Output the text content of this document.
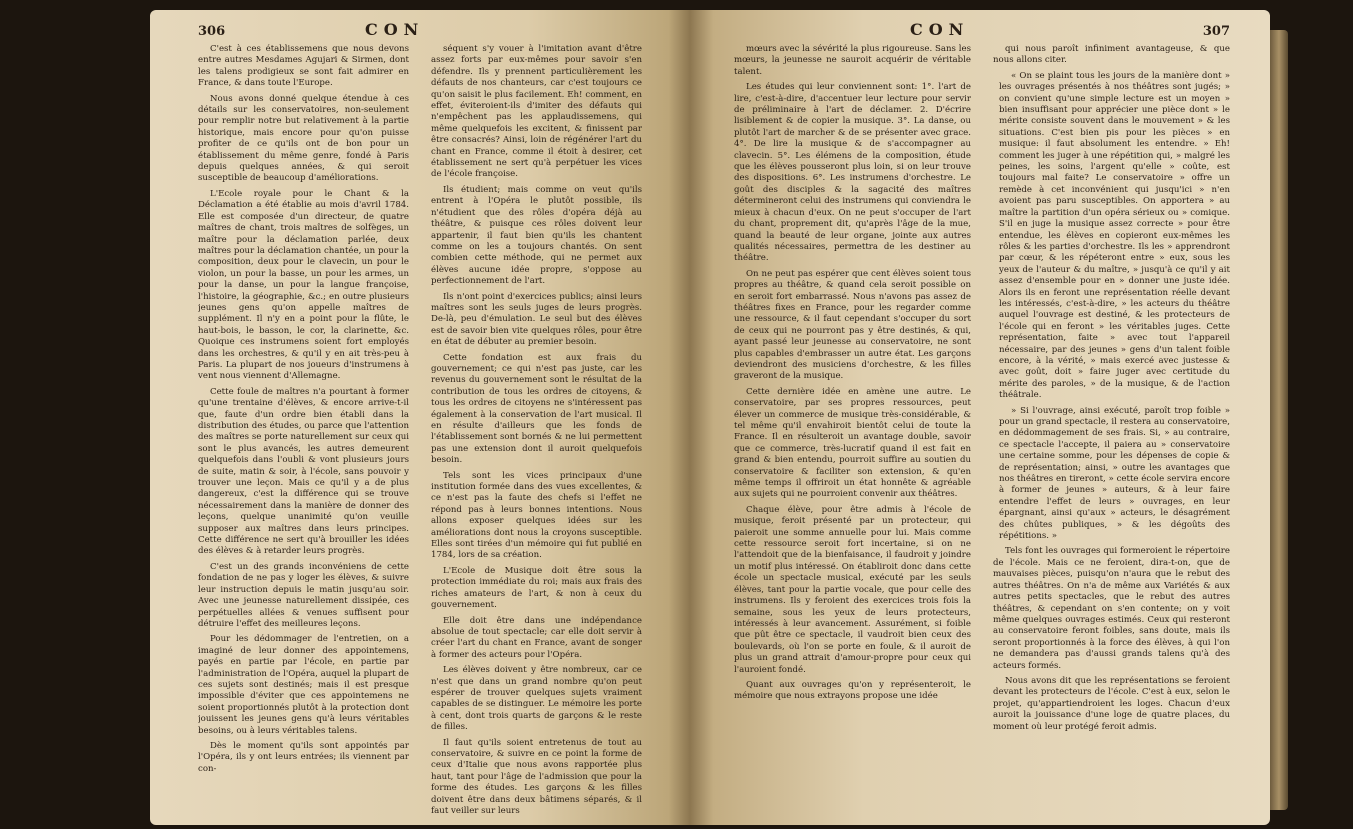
306	CON

C'est à ces établissemens que nous devons entre autres Mesdames Agujari & Sirmen, dont les talens prodigieux se sont fait admirer en France, & dans toute l'Europe.

Nous avons donné quelque étendue à ces détails sur les conservatoires, non-seulement pour remplir notre but relativement à la partie historique, mais encore pour qu'on puisse profiter de ce qu'ils ont de bon pour un établissement du même genre, fondé à Paris depuis quelques années, & qui seroit susceptible de beaucoup d'améliorations.

L'Ecole royale pour le Chant & la Déclamation a été établie au mois d'avril 1784. Elle est composée d'un directeur, de quatre maîtres de chant, trois maîtres de solfèges, un maître pour la déclamation parlée, deux maîtres pour la déclamation chantée, un pour la composition, deux pour le clavecin, un pour le violon, un pour la basse, un pour les armes, un pour la danse, un pour la langue françoise, l'histoire, la géographie, &c.; en outre plusieurs jeunes gens qu'on appelle maîtres de supplément. Il n'y en a point pour la flûte, le haut-bois, le basson, le cor, la clarinette, &c. Quoique ces instrumens soient fort employés dans les orchestres, & qu'il y en ait très-peu à Paris. La plupart de nos joueurs d'instrumens à vent nous viennent d'Allemagne.

Cette foule de maîtres n'a pourtant à former qu'une trentaine d'élèves, & encore arrive-t-il que, faute d'un ordre bien établi dans la distribution des études, ou parce que l'attention des maîtres se porte naturellement sur ceux qui sont le plus avancés, les autres demeurent quelquefois dans l'oubli & vont plusieurs jours de suite, matin & soir, à l'école, sans pouvoir y trouver une leçon. Mais ce qu'il y a de plus dangereux, c'est la différence qui se trouve nécessairement dans la manière de donner des leçons, quelque unanimité qu'on veuille supposer aux maîtres dans leurs principes. Cette différence ne sert qu'à brouiller les idées des élèves & à retarder leurs progrès.

C'est un des grands inconvéniens de cette fondation de ne pas y loger les élèves, & suivre leur instruction depuis le matin jusqu'au soir. Avec une jeunesse naturellement dissipée, ces perpétuelles allées & venues suffisent pour détruire l'effet des meilleures leçons.

Pour les dédommager de l'entretien, on a imaginé de leur donner des appointemens, payés en partie par l'école, en partie par l'administration de l'Opéra, auquel la plupart de ces sujets sont destinés; mais il est presque impossible d'éviter que ces appointemens ne soient proportionnés plutôt à la protection dont jouissent les jeunes gens qu'à leurs véritables besoins, ou à leurs véritables talens.

Dès le moment qu'ils sont appointés par l'Opéra, ils y ont leurs entrées; ils viennent par con-

séquent s'y vouer à l'imitation avant d'être assez forts par eux-mêmes pour savoir s'en défendre. Ils y prennent particulièrement les défauts de nos chanteurs, car c'est toujours ce qu'on saisit le plus facilement. Eh! comment, en effet, éviteroient-ils d'imiter des défauts qui n'empêchent pas les applaudissemens, qui même quelquefois les excitent, & finissent par être consacrés? Ainsi, loin de régénérer l'art du chant en France, comme il étoit à desirer, cet établissement ne sert qu'à perpétuer les vices de l'école françoise.

Ils étudient; mais comme on veut qu'ils entrent à l'Opéra le plutôt possible, ils n'étudient que des rôles d'opéra déjà au théâtre, & puisque ces rôles doivent leur appartenir, il faut bien qu'ils les chantent comme on les a toujours chantés. On sent combien cette méthode, qui ne permet aux élèves aucune idée propre, s'oppose au perfectionnement de l'art.

Ils n'ont point d'exercices publics; ainsi leurs maîtres sont les seuls juges de leurs progrès. De-là, peu d'émulation. Le seul but des élèves est de savoir bien vite quelques rôles, pour être en état de débuter au premier besoin.

Cette fondation est aux frais du gouvernement; ce qui n'est pas juste, car les revenus du gouvernement sont le résultat de la contribution de tous les ordres de citoyens, & tous les ordres de citoyens ne s'intéressent pas également à la conservation de l'art musical. Il en résulte d'ailleurs que les fonds de l'établissement sont bornés & ne lui permettent pas une extension dont il auroit quelquefois besoin.

Tels sont les vices principaux d'une institution formée dans des vues excellentes, & ce n'est pas la faute des chefs si l'effet ne répond pas à leurs bonnes intentions. Nous allons exposer quelques idées sur les améliorations dont nous la croyons susceptible. Elles sont tirées d'un mémoire qui fut publié en 1784, lors de sa création.

L'Ecole de Musique doit être sous la protection immédiate du roi; mais aux frais des riches amateurs de l'art, & non à ceux du gouvernement.

Elle doit être dans une indépendance absolue de tout spectacle; car elle doit servir à créer l'art du chant en France, avant de songer à former des acteurs pour l'Opéra.

Les élèves doivent y être nombreux, car ce n'est que dans un grand nombre qu'on peut espérer de trouver quelques sujets vraiment capables de se distinguer. Le mémoire les porte à cent, dont trois quarts de garçons & le reste de filles.

Il faut qu'ils soient entretenus de tout au conservatoire, & suivre en ce point la forme de ceux d'Italie que nous avons rapportée plus haut, tant pour l'âge de l'admission que pour la forme des études. Les garçons & les filles doivent être dans deux bâtimens séparés, & il faut veiller sur leurs

CON	307

mœurs avec la sévérité la plus rigoureuse. Sans les mœurs, la jeunesse ne sauroit acquérir de véritable talent.

Les études qui leur conviennent sont: 1°. l'art de lire, c'est-à-dire, d'accentuer leur lecture pour servir de préliminaire à l'art de déclamer. 2. D'écrire lisiblement & de copier la musique. 3°. La danse, ou plutôt l'art de marcher & de se présenter avec grace. 4°. De lire la musique & de s'accompagner au clavecin. 5°. Les élémens de la composition, étude que les élèves pousseront plus loin, si on leur trouve des dispositions. 6°. Les instrumens d'orchestre. Le goût des disciples & la sagacité des maîtres détermineront celui des instrumens qui conviendra le mieux à chacun d'eux. On ne peut s'occuper de l'art du chant, proprement dit, qu'après l'âge de la mue, quand la beauté de leur organe, jointe aux autres qualités nécessaires, permettra de les destiner au théâtre.

On ne peut pas espérer que cent élèves soient tous propres au théâtre, & quand cela seroit possible on en seroit fort embarrassé. Nous n'avons pas assez de théâtres fixes en France, pour les regarder comme une ressource, & il faut cependant s'occuper du sort de ceux qui ne pourront pas y être destinés, & qui, ayant passé leur jeunesse au conservatoire, ne sont plus capables d'embrasser un autre état. Les garçons deviendront des musiciens d'orchestre, & les filles graveront de la musique.

Cette dernière idée en amène une autre. Le conservatoire, par ses propres ressources, peut élever un commerce de musique très-considérable, & tel même qu'il envahiroit bientôt celui de toute la France. Il en résulteroit un avantage double, savoir que ce commerce, très-lucratif quand il est fait en grand & bien entendu, pourroit suffire au soutien du conservatoire & faciliter son extension, & qu'en même temps il offriroit un état honnête & agréable aux sujets qui ne pourroient convenir aux théâtres.

Chaque élève, pour être admis à l'école de musique, feroit présenté par un protecteur, qui paieroit une somme annuelle pour lui. Mais comme cette ressource seroit fort incertaine, si on ne l'attendoit que de la bienfaisance, il faudroit y joindre un motif plus intéressé. On établiroit donc dans cette école un spectacle musical, exécuté par les seuls élèves, tant pour la partie vocale, que pour celle des instrumens. Ils y feroient des exercices trois fois la semaine, sous les yeux de leurs protecteurs, intéressés à leur avancement. Assurément, si foible que pût être ce spectacle, il vaudroit bien ceux des boulevards, où l'on se porte en foule, & il auroit de plus un grand attrait d'amour-propre pour ceux qui l'auroient fondé.

Quant aux ouvrages qu'on y représenteroit, le mémoire que nous extrayons propose une idée

qui nous paroît infiniment avantageuse, & que nous allons citer.

« On se plaint tous les jours de la manière dont » les ouvrages présentés à nos théâtres sont jugés; » on convient qu'une simple lecture est un moyen » bien insuffisant pour apprécier une pièce dont » le mérite consiste souvent dans le mouvement » & les situations. C'est bien pis pour les pièces » en musique: il faut absolument les entendre. » Eh! comment les juger à une répétition qui, » malgré les peines, les soins, l'argent qu'elle » coûte, est toujours mal faite? Le conservatoire » offre un remède à cet inconvénient qui jusqu'ici » n'en avoient pas paru susceptibles. On apportera » au maître la partition d'un opéra sérieux ou » comique. S'il en juge la musique assez correcte » pour être entendue, les élèves en copieront eux-mêmes les rôles & les parties d'orchestre. Ils les » apprendront par cœur, & les répéteront entre » eux, sous les yeux de l'auteur & du maître, » jusqu'à ce qu'il y ait assez d'ensemble pour en » donner une juste idée. Alors ils en feront une représentation réelle devant les intéressés, c'est-à-dire, » les acteurs du théâtre auquel l'ouvrage est destiné, & les protecteurs de l'école qui en feront » les véritables juges. Cette représentation, faite » avec tout l'appareil nécessaire, par des jeunes » gens d'un talent foible encore, à la vérité, » mais exercé avec justesse & avec goût, doit » faire juger avec certitude du mérite des paroles, » de la musique, & de l'action théâtrale.

» Si l'ouvrage, ainsi exécuté, paroît trop foible » pour un grand spectacle, il restera au conservatoire, en dédommagement de ses frais. Si, » au contraire, ce spectacle l'accepte, il paiera au » conservatoire une certaine somme, pour les dépenses de copie & de représentation; ainsi, » outre les avantages que nos théâtres en tireront, » cette école servira encore à former de jeunes » auteurs, & à leur faire entendre l'effet de leurs » ouvrages, en leur épargnant, ainsi qu'aux » acteurs, le désagrément des chûtes publiques, » & les dégoûts des répétitions. »

Tels font les ouvrages qui formeroient le répertoire de l'école. Mais ce ne feroient, dira-t-on, que de mauvaises pièces, puisqu'on n'aura que le rebut des autres théâtres. On n'a de même aux Variétés & aux autres petits spectacles, que le rebut des autres théâtres, & cependant on s'en contente; on y voit même quelques ouvrages estimés. Ceux qui resteront au conservatoire feront foibles, sans doute, mais ils seront proportionnés à la force des élèves, à qui l'on ne demandera pas d'aussi grands talens qu'à des acteurs formés.

Nous avons dit que les représentations se feroient devant les protecteurs de l'école. C'est à eux, selon le projet, qu'appartiendroient les loges. Chacun d'eux auroit la jouissance d'une loge de quatre places, du moment où leur protégé feroit admis.
